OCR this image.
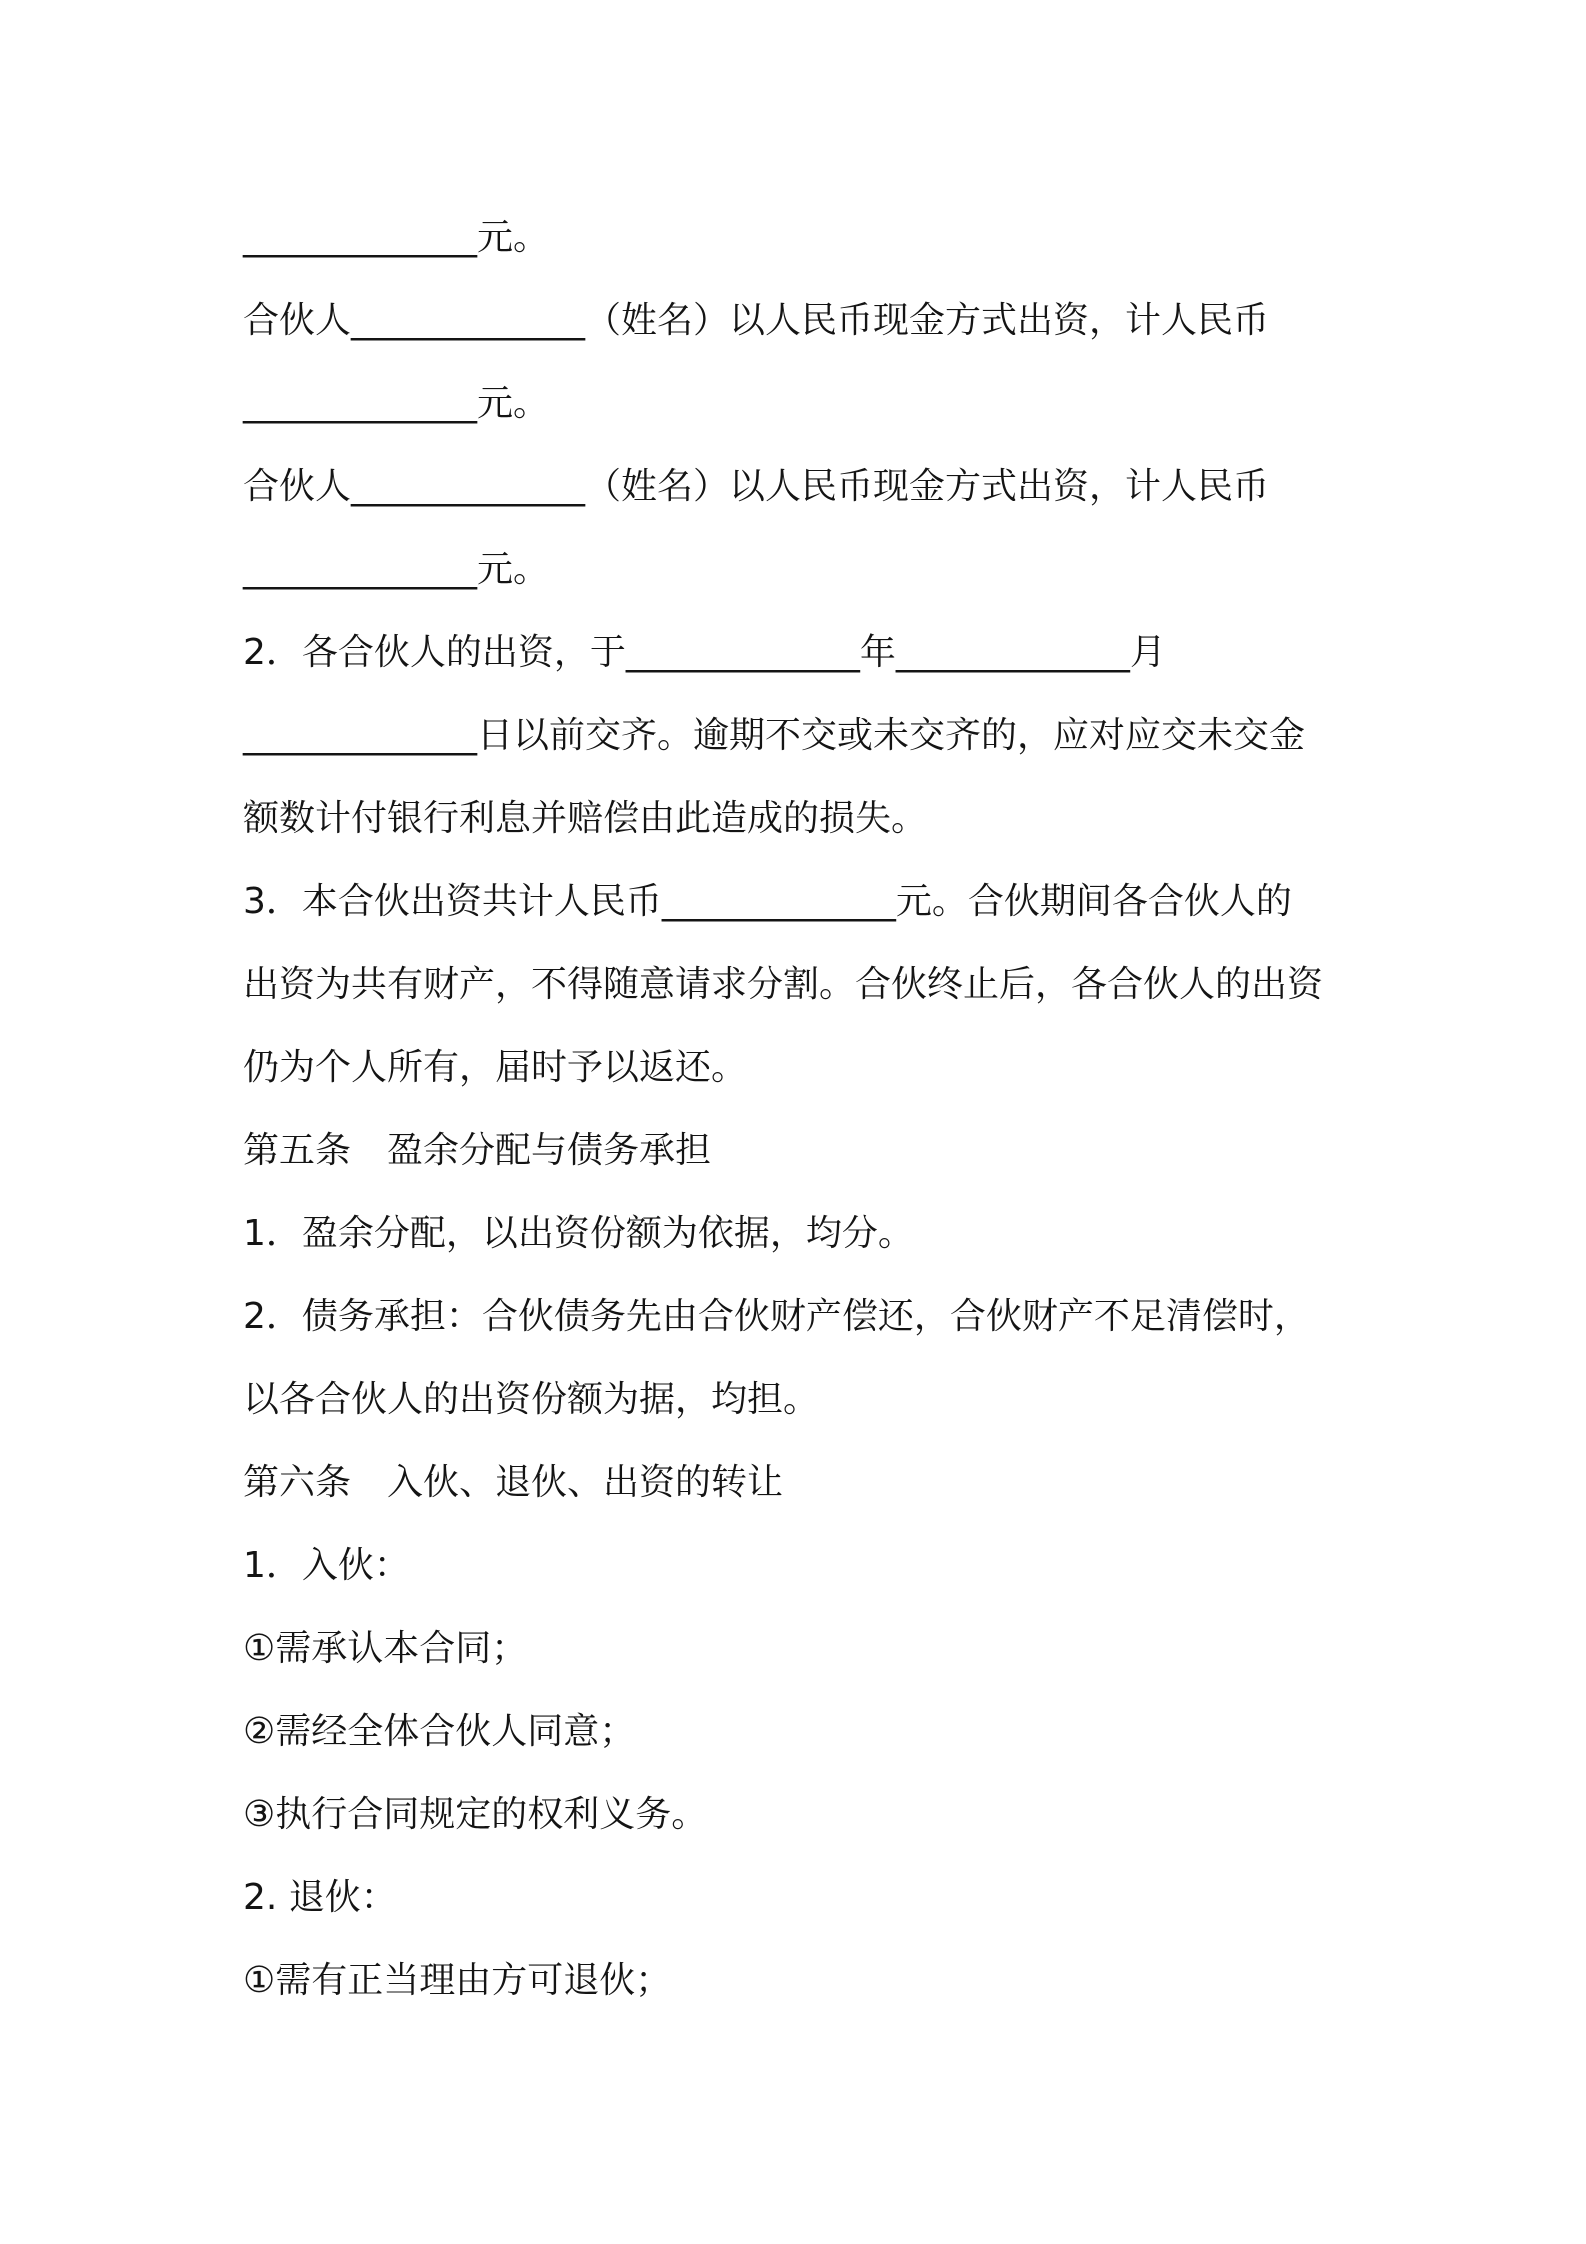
_____________元。
合伙人_____________（姓名）以人民币现金方式出资，计人民币
_____________元。
合伙人_____________（姓名）以人民币现金方式出资，计人民币
_____________元。
2．各合伙人的出资，于_____________年_____________月
_____________日以前交齐。逾期不交或未交齐的，应对应交未交金
额数计付银行利息并赔偿由此造成的损失。
3．本合伙出资共计人民币_____________元。合伙期间各合伙人的
出资为共有财产，不得随意请求分割。合伙终止后，各合伙人的出资
仍为个人所有，届时予以返还。
第五条　盈余分配与债务承担
1．盈余分配，以出资份额为依据，均分。
2．债务承担：合伙债务先由合伙财产偿还，合伙财产不足清偿时，
以各合伙人的出资份额为据，均担。
第六条　入伙、退伙、出资的转让
1．入伙：
①需承认本合同；
②需经全体合伙人同意；
③执行合同规定的权利义务。
2. 退伙：
①需有正当理由方可退伙；
